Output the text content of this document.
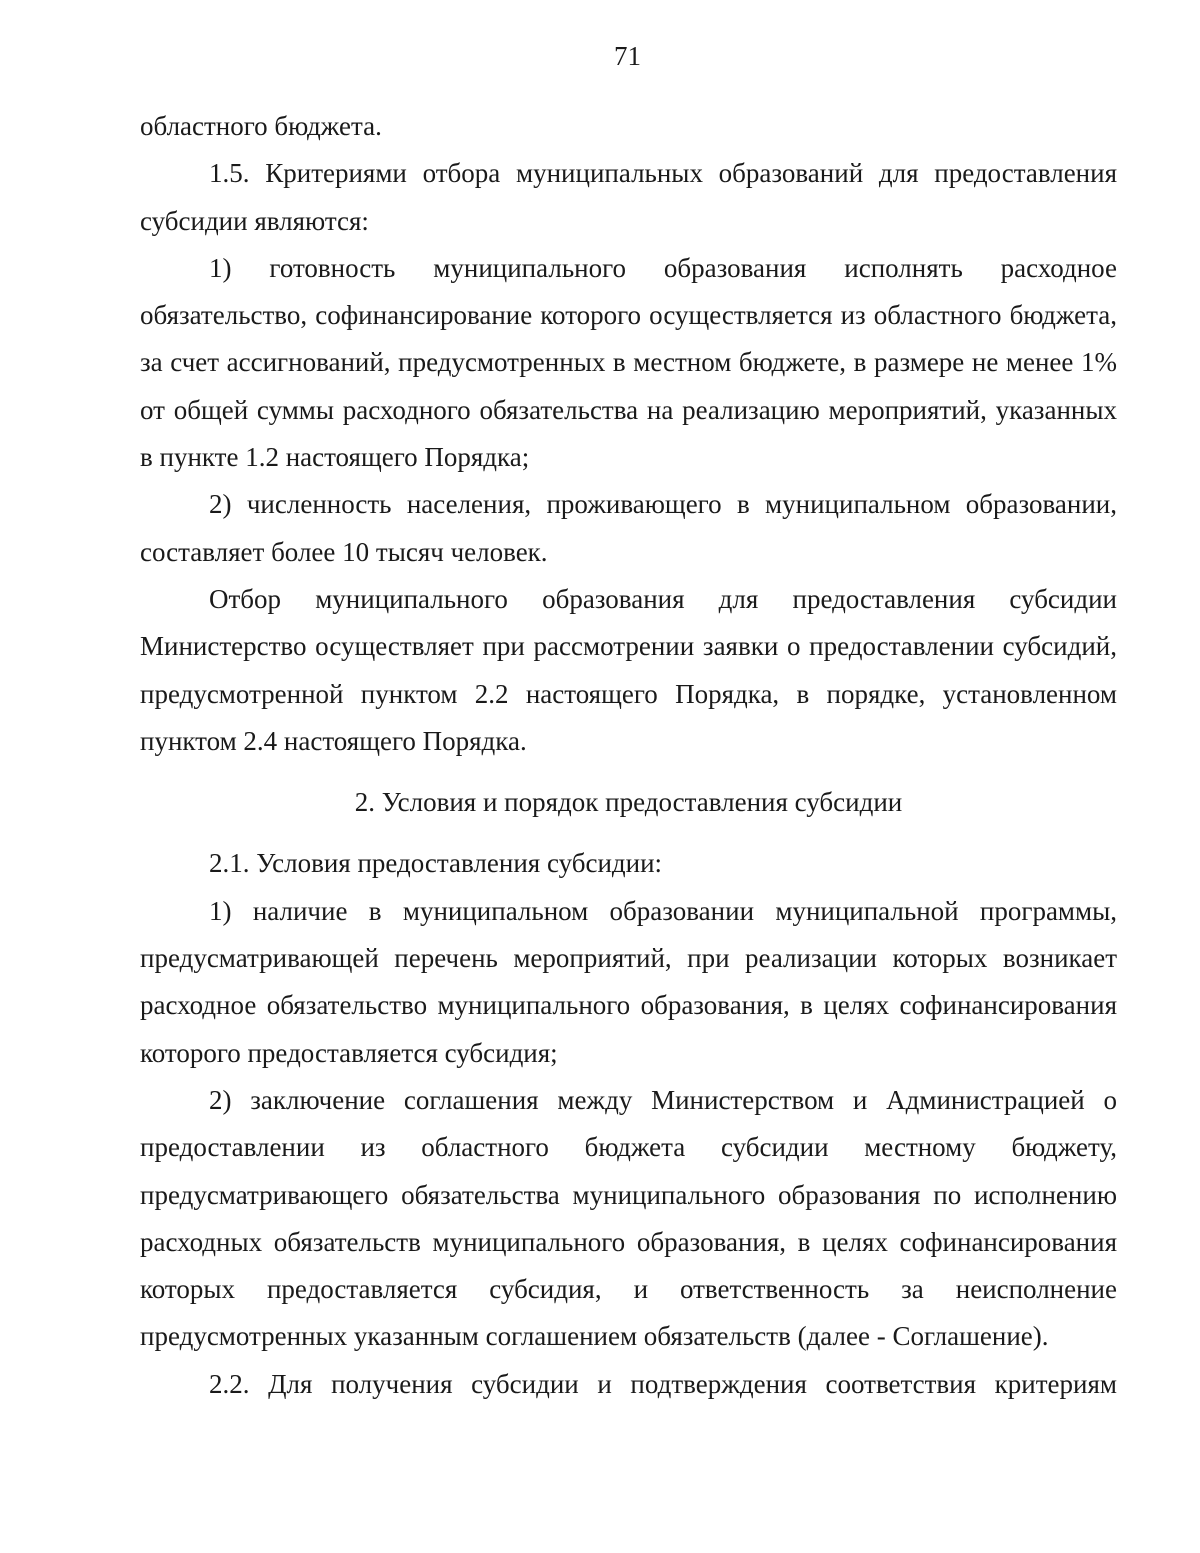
71

областного бюджета.

1.5. Критериями отбора муниципальных образований для предоставления субсидии являются:

1) готовность муниципального образования исполнять расходное обязательство, софинансирование которого осуществляется из областного бюджета, за счет ассигнований, предусмотренных в местном бюджете, в размере не менее 1% от общей суммы расходного обязательства на реализацию мероприятий, указанных в пункте 1.2 настоящего Порядка;

2) численность населения, проживающего в муниципальном образовании, составляет более 10 тысяч человек.

Отбор муниципального образования для предоставления субсидии Министерство осуществляет при рассмотрении заявки о предоставлении субсидий, предусмотренной пунктом 2.2 настоящего Порядка, в порядке, установленном пунктом 2.4 настоящего Порядка.

2. Условия и порядок предоставления субсидии

2.1. Условия предоставления субсидии:

1) наличие в муниципальном образовании муниципальной программы, предусматривающей перечень мероприятий, при реализации которых возникает расходное обязательство муниципального образования, в целях софинансирования которого предоставляется субсидия;

2) заключение соглашения между Министерством и Администрацией о предоставлении из областного бюджета субсидии местному бюджету, предусматривающего обязательства муниципального образования по исполнению расходных обязательств муниципального образования, в целях софинансирования которых предоставляется субсидия, и ответственность за неисполнение предусмотренных указанным соглашением обязательств (далее - Соглашение).

2.2. Для получения субсидии и подтверждения соответствия критериям
